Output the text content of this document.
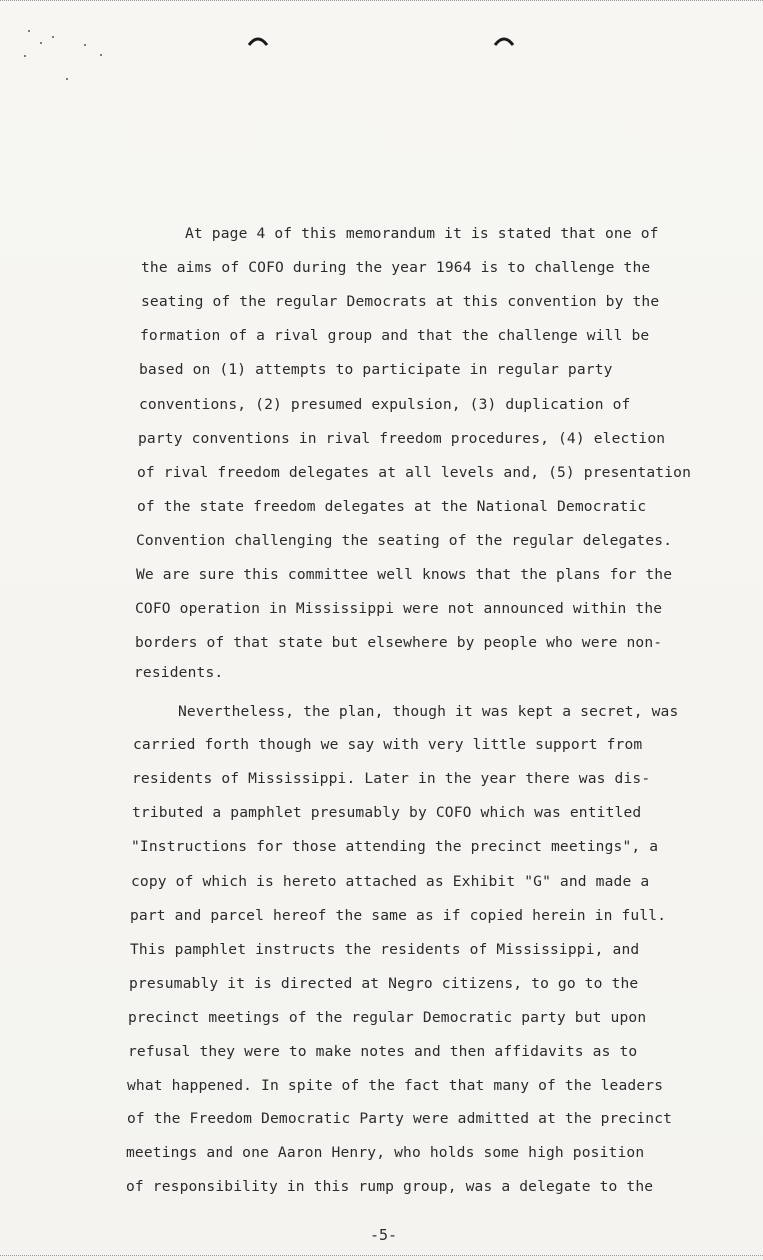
At page 4 of this memorandum it is stated that one of
the aims of COFO during the year 1964 is to challenge the
seating of the regular Democrats at this convention by the
formation of a rival group and that the challenge will be
based on (1) attempts to participate in regular party
conventions, (2) presumed expulsion, (3) duplication of
party conventions in rival freedom procedures, (4) election
of rival freedom delegates at all levels and, (5) presentation
of the state freedom delegates at the National Democratic
Convention challenging the seating of the regular delegates.
We are sure this committee well knows that the plans for the
COFO operation in Mississippi were not announced within the
borders of that state but elsewhere by people who were non-
residents.
Nevertheless, the plan, though it was kept a secret, was
carried forth though we say with very little support from
residents of Mississippi. Later in the year there was dis-
tributed a pamphlet presumably by COFO which was entitled
"Instructions for those attending the precinct meetings", a
copy of which is hereto attached as Exhibit "G" and made a
part and parcel hereof the same as if copied herein in full.
This pamphlet instructs the residents of Mississippi, and
presumably it is directed at Negro citizens, to go to the
precinct meetings of the regular Democratic party but upon
refusal they were to make notes and then affidavits as to
what happened. In spite of the fact that many of the leaders
of the Freedom Democratic Party were admitted at the precinct
meetings and one Aaron Henry, who holds some high position
of responsibility in this rump group, was a delegate to the
-5-
